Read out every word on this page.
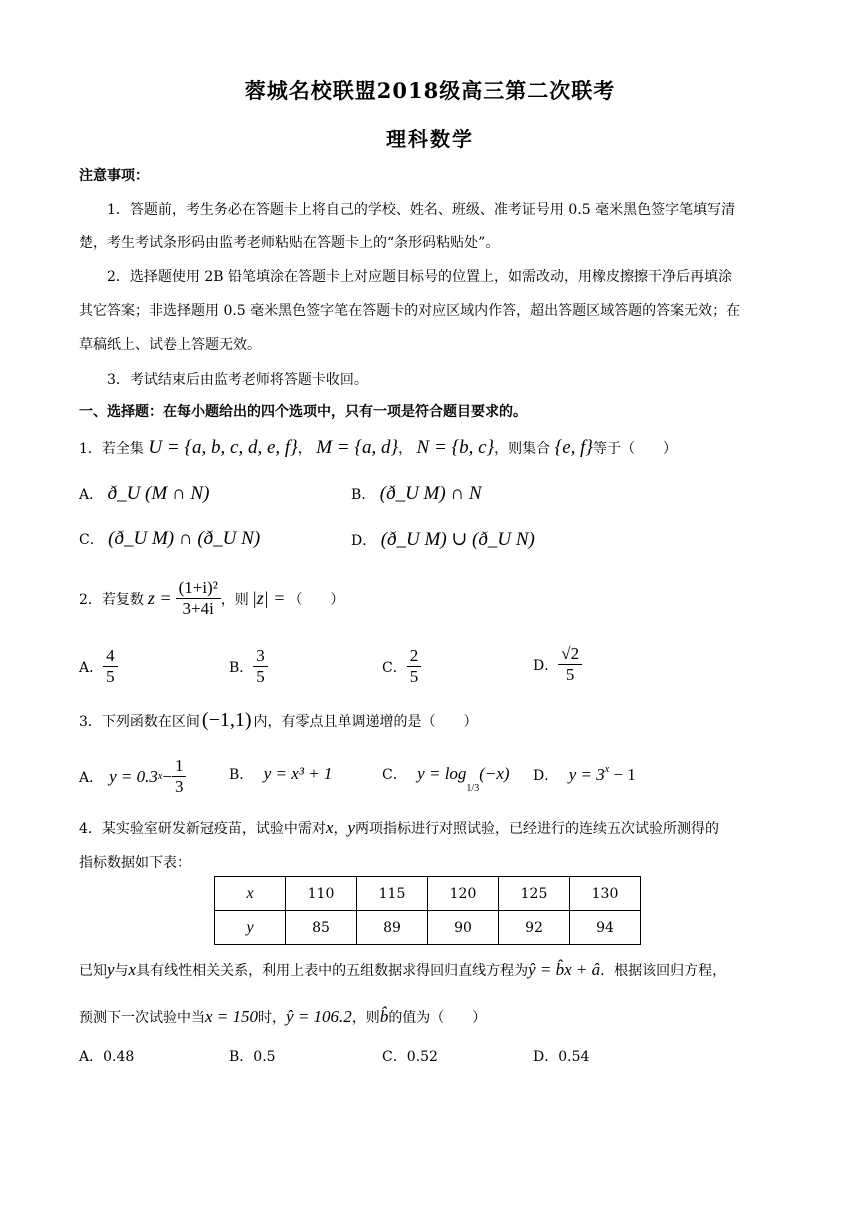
蓉城名校联盟2018级高三第二次联考
理科数学
注意事项：
1．答题前，考生务必在答题卡上将自己的学校、姓名、班级、准考证号用 0.5 毫米黑色签字笔填写清
楚，考生考试条形码由监考老师粘贴在答题卡上的“条形码粘贴处”。
2．选择题使用 2B 铅笔填涂在答题卡上对应题目标号的位置上，如需改动，用橡皮擦擦干净后再填涂
其它答案；非选择题用 0.5 毫米黑色签字笔在答题卡的对应区域内作答，超出答题区域答题的答案无效；在
草稿纸上、试卷上答题无效。
3．考试结束后由监考老师将答题卡收回。
一、选择题：在每小题给出的四个选项中，只有一项是符合题目要求的。
1．若全集 U = {a, b, c, d, e, f}， M = {a, d}， N = {b, c}，则集合 {e, f}等于（　　）
A． ð_U (M ∩ N)	B． (ð_U M) ∩ N
C． (ð_U M) ∩ (ð_U N)	D． (ð_U M) ∪ (ð_U N)
2．若复数 $z = \frac{\text{(1+i)²}}{3+4i}$ ，则 |z| = （　　）
A． $\frac{4}{5}$	B． $\frac{3}{5}$	C． $\frac{2}{5}$	D． $\frac{√2}{5}$
3．下列函数在区间 (−1,1) 内，有零点且单调递增的是（　　）
A． y = 0.3 $x - \frac{1}{3}$	B． y = x³ + 1	C． $y = \log_{1/3}(-x)$ D． $y = 3^x - 1$
4．某实验室研发新冠疫苗，试验中需对x，y两项指标进行对照试验，已经进行的连续五次试验所测得的
指标数据如下表：
x	110	115	120	125	130
y	85	89	90	92	94
已知y与x具有线性相关关系，利用上表中的五组数据求得回归直线方程为ŷ = b̂x + â．根据该回归方程，
预测下一次试验中当x = 150时，ŷ = 106.2，则b̂的值为（　　）
A．0.48	B．0.5	C．0.52	D．0.54
